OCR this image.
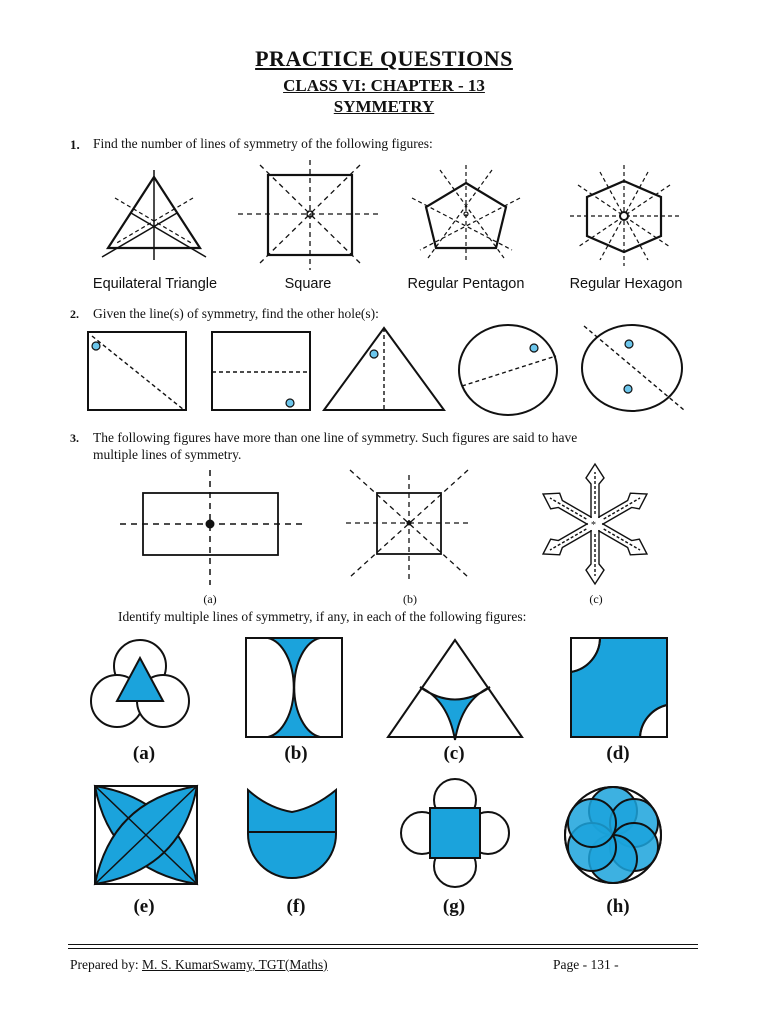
PRACTICE QUESTIONS
CLASS VI: CHAPTER - 13
SYMMETRY
1. Find the number of lines of symmetry of the following figures:
Equilateral Triangle	Square	Regular Pentagon	Regular Hexagon
2. Given the line(s) of symmetry, find the other hole(s):
3. The following figures have more than one line of symmetry. Such figures are said to have
multiple lines of symmetry.
*
(a)	(b)	(c)
Identify multiple lines of symmetry, if any, in each of the following figures:
(a)	(b)	(c)	(d)
(e)	(f)	(g)	(h)
Prepared by: M. S. KumarSwamy, TGT(Maths)	Page - 131 -
